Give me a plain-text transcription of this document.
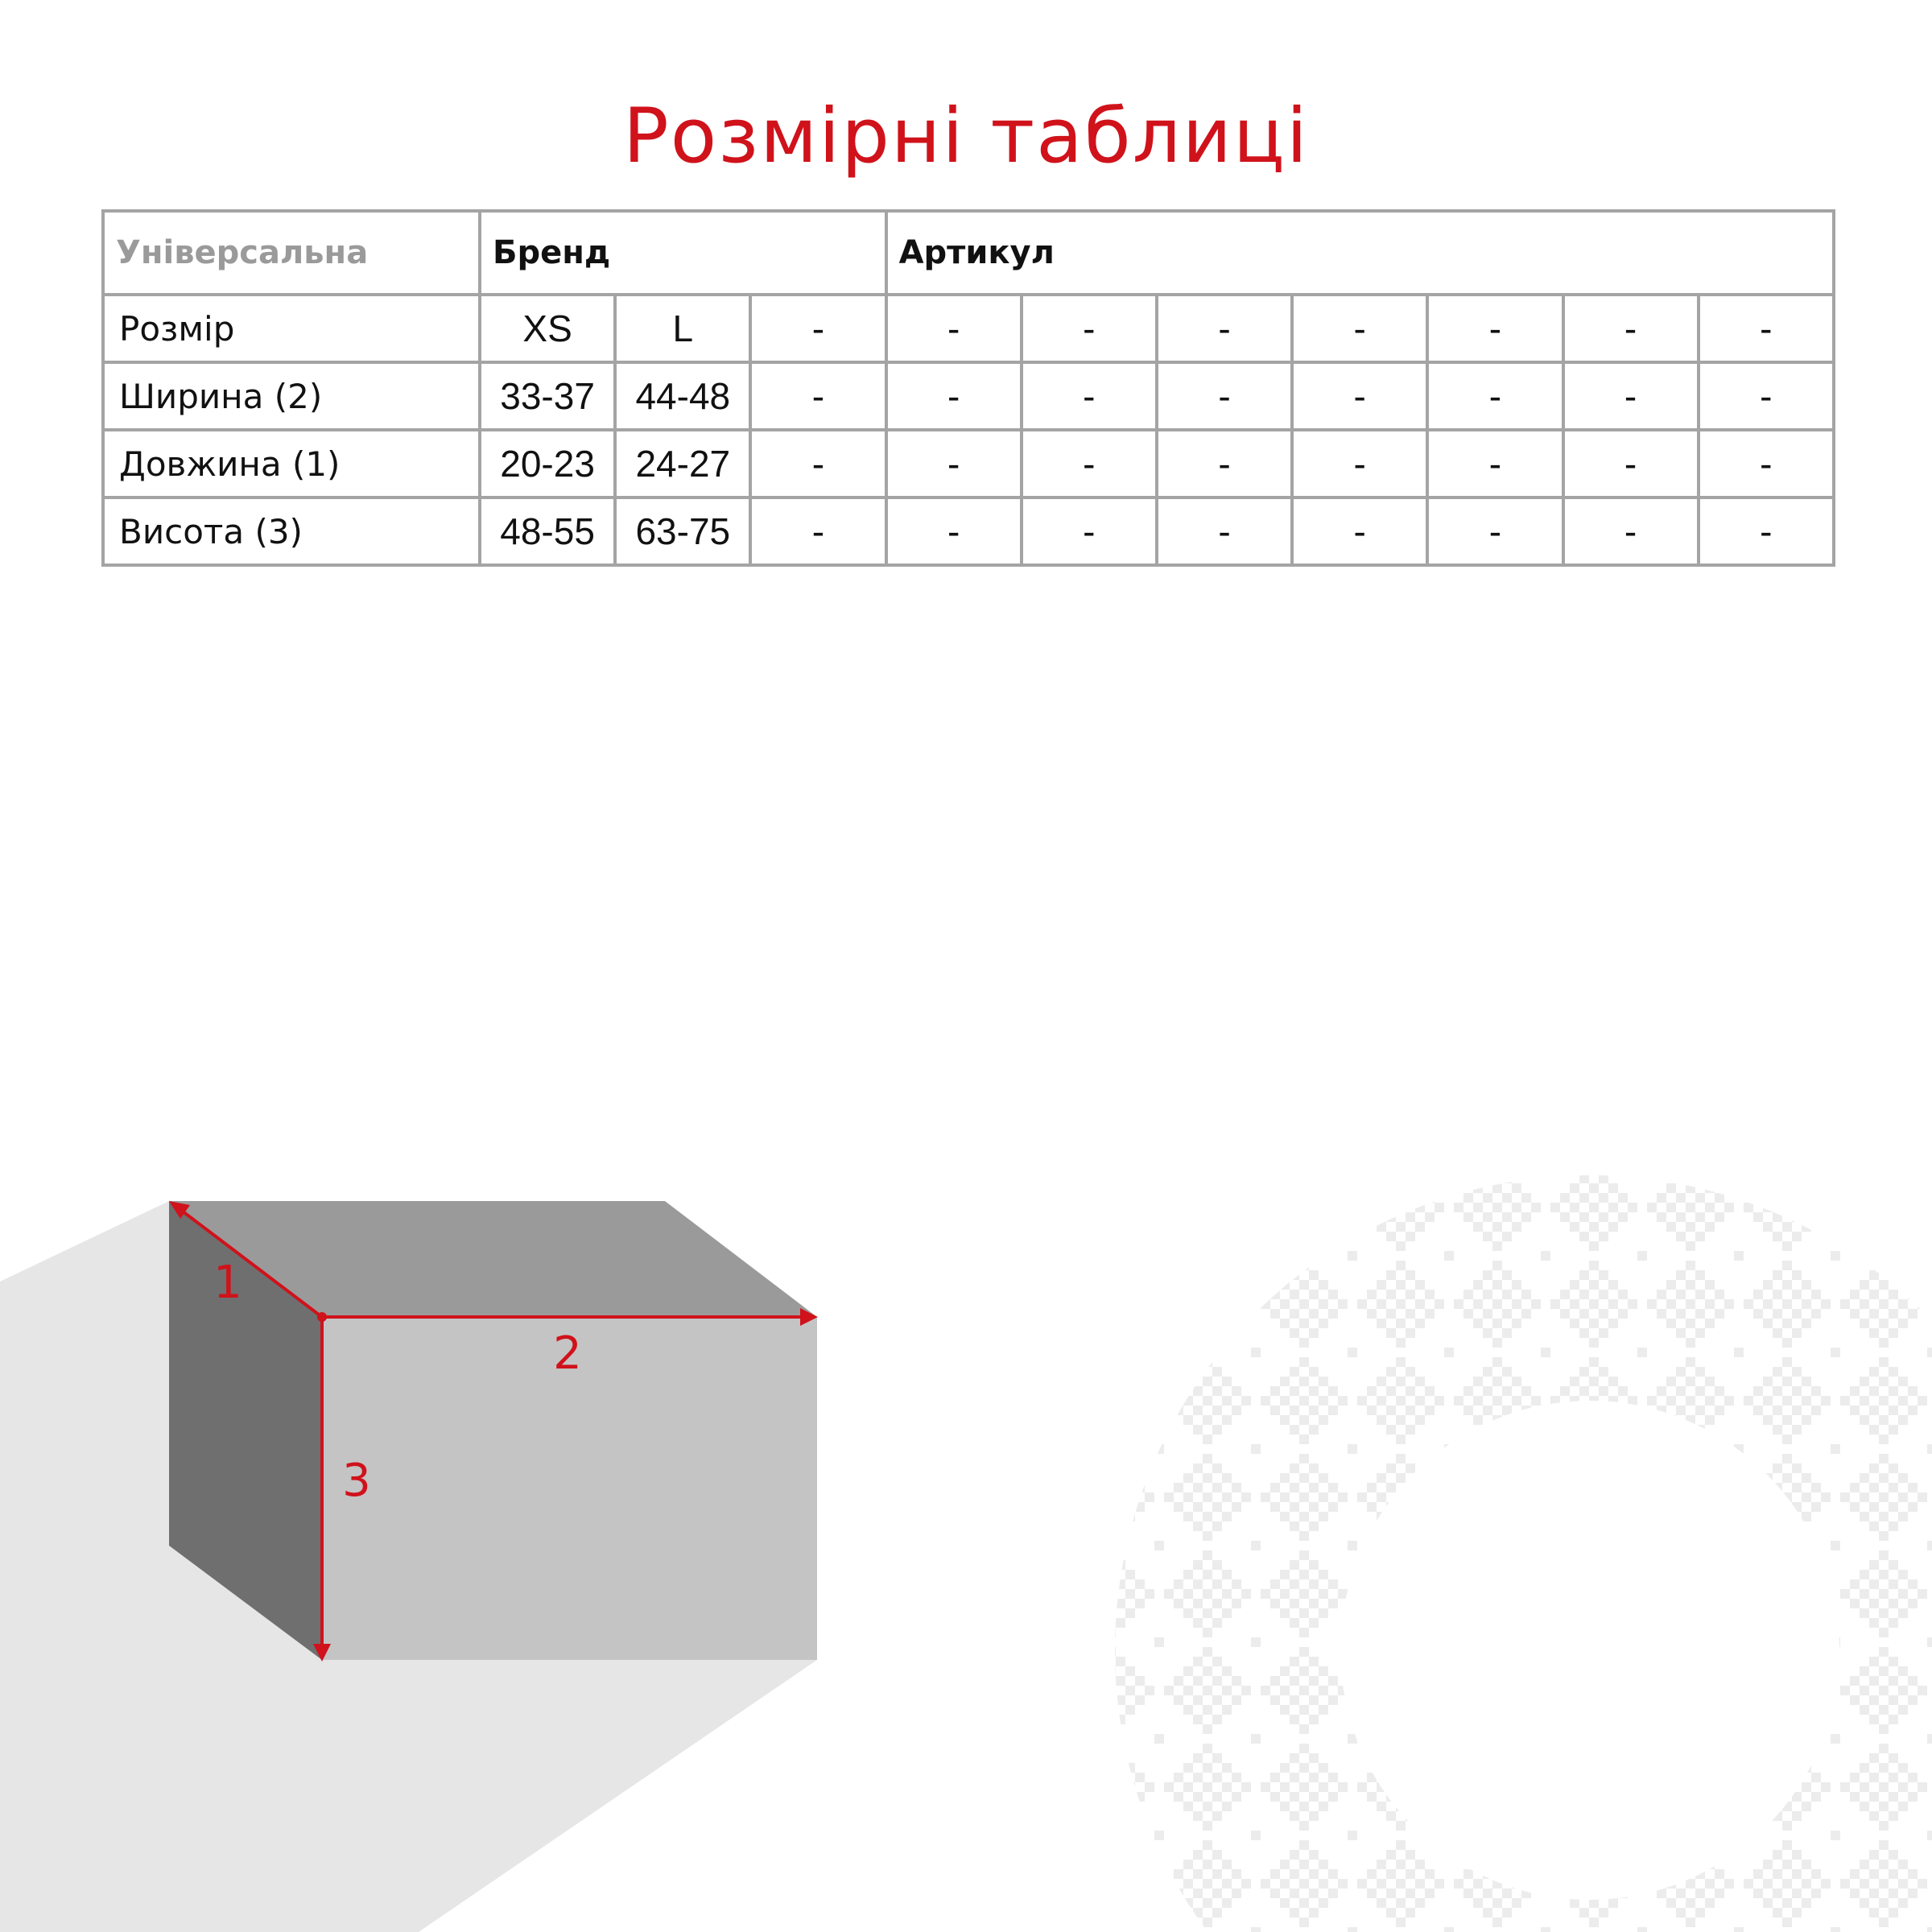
Розмірні таблиці
Універсальна	Бренд			Артикул						
Розмір	XS	L	-	-	-	-	-	-	-	-
Ширина (2)	33-37	44-48	-	-	-	-	-	-	-	-
Довжина (1)	20-23	24-27	-	-	-	-	-	-	-	-
Висота (3)	48-55	63-75	-	-	-	-	-	-	-	-
1
2
3
